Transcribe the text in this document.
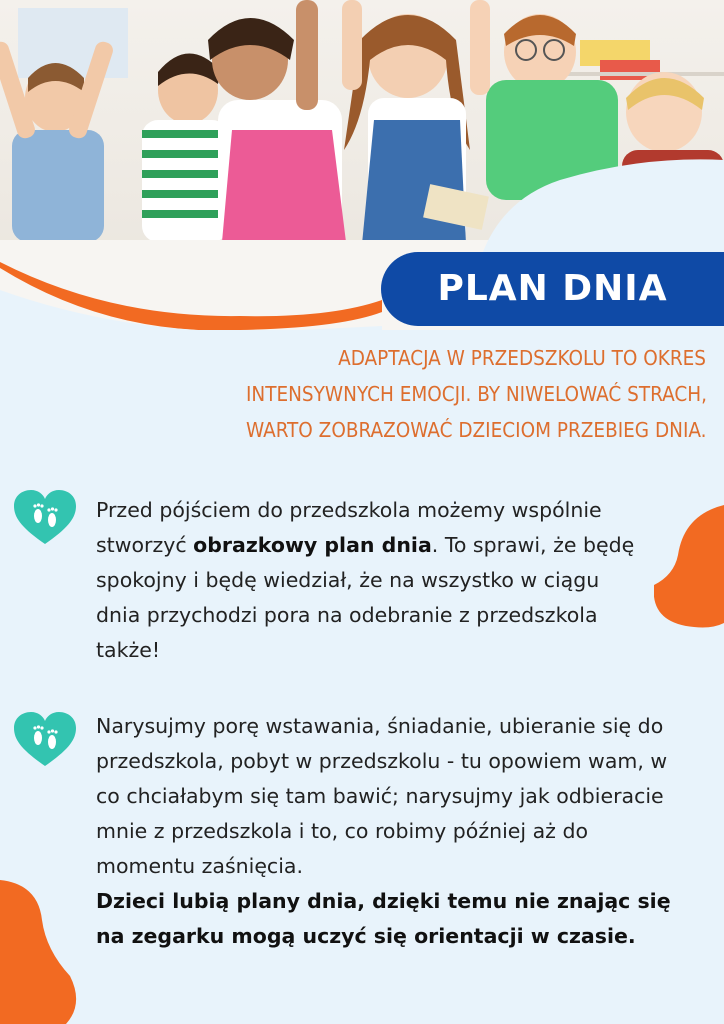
PLAN DNIA
ADAPTACJA W PRZEDSZKOLU TO OKRES
INTENSYWNYCH EMOCJI. BY NIWELOWAĆ STRACH,
WARTO ZOBRAZOWAĆ DZIECIOM PRZEBIEG DNIA.
Przed pójściem do przedszkola możemy wspólnie
stworzyć obrazkowy plan dnia. To sprawi, że będę
spokojny i będę wiedział, że na wszystko w ciągu
dnia przychodzi pora na odebranie z przedszkola
także!
Narysujmy porę wstawania, śniadanie, ubieranie się do
przedszkola, pobyt w przedszkolu - tu opowiem wam, w
co chciałabym się tam bawić; narysujmy jak odbieracie
mnie z przedszkola i to, co robimy później aż do
momentu zaśnięcia.
Dzieci lubią plany dnia, dzięki temu nie znając się
na zegarku mogą uczyć się orientacji w czasie.
